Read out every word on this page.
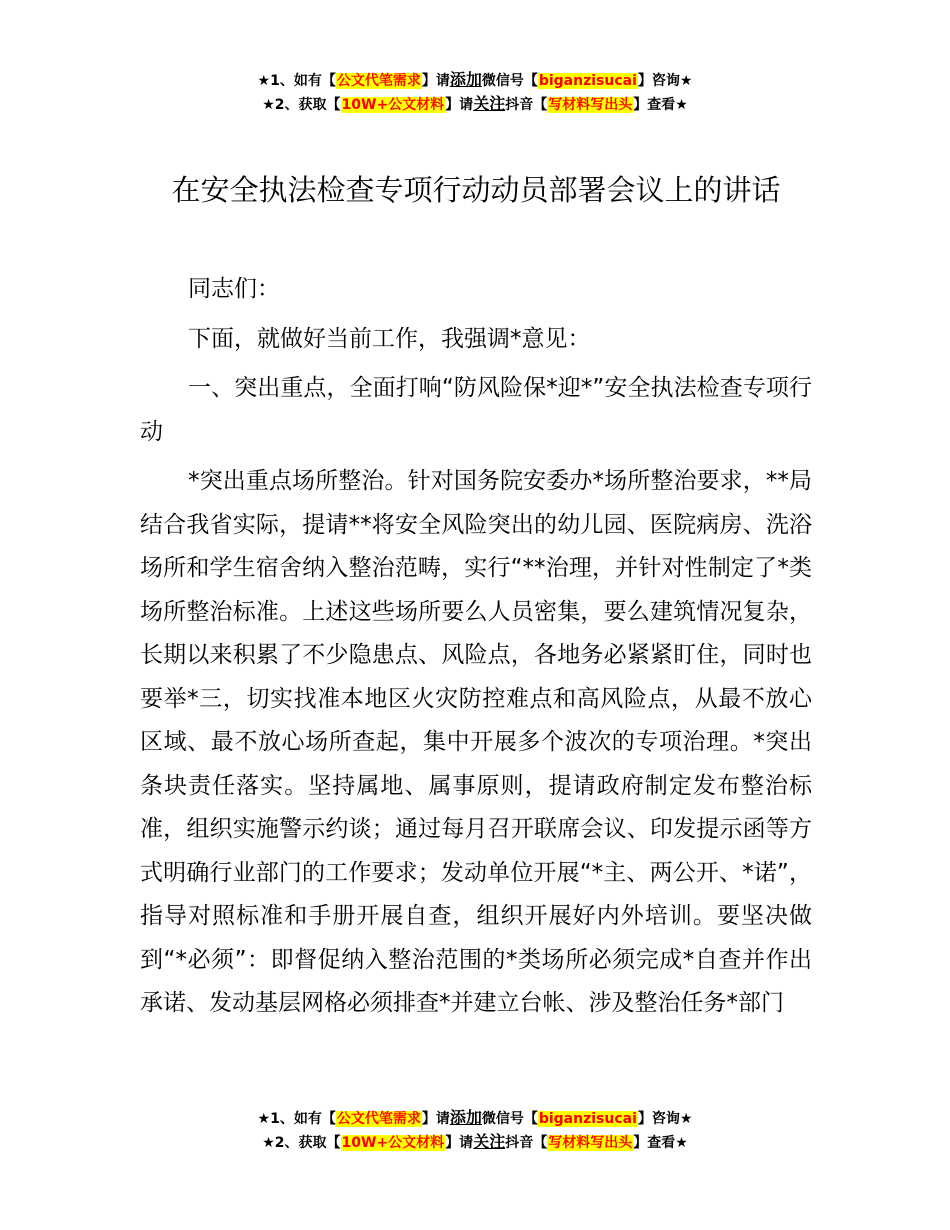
★1、如有【公文代笔需求】请添加微信号【biganzisucai】咨询★
★2、获取【10W+公文材料】请关注抖音【写材料写出头】查看★
在安全执法检查专项行动动员部署会议上的讲话

同志们：

下面，就做好当前工作，我强调*意见：

一、突出重点，全面打响“防风险保*迎*”安全执法检查专项行动

*突出重点场所整治。针对国务院安委办*场所整治要求，**局结合我省实际，提请**将安全风险突出的幼儿园、医院病房、洗浴场所和学生宿舍纳入整治范畴，实行“**治理，并针对性制定了*类场所整治标准。上述这些场所要么人员密集，要么建筑情况复杂，长期以来积累了不少隐患点、风险点，各地务必紧紧盯住，同时也要举*三，切实找准本地区火灾防控难点和高风险点，从最不放心区域、最不放心场所查起，集中开展多个波次的专项治理。*突出条块责任落实。坚持属地、属事原则，提请政府制定发布整治标准，组织实施警示约谈；通过每月召开联席会议、印发提示函等方式明确行业部门的工作要求；发动单位开展“*主、两公开、*诺”，指导对照标准和手册开展自查，组织开展好内外培训。要坚决做到“*必须”：即督促纳入整治范围的*类场所必须完成*自查并作出承诺、发动基层网格必须排查*并建立台帐、涉及整治任务*部门

★1、如有【公文代笔需求】请添加微信号【biganzisucai】咨询★
★2、获取【10W+公文材料】请关注抖音【写材料写出头】查看★
